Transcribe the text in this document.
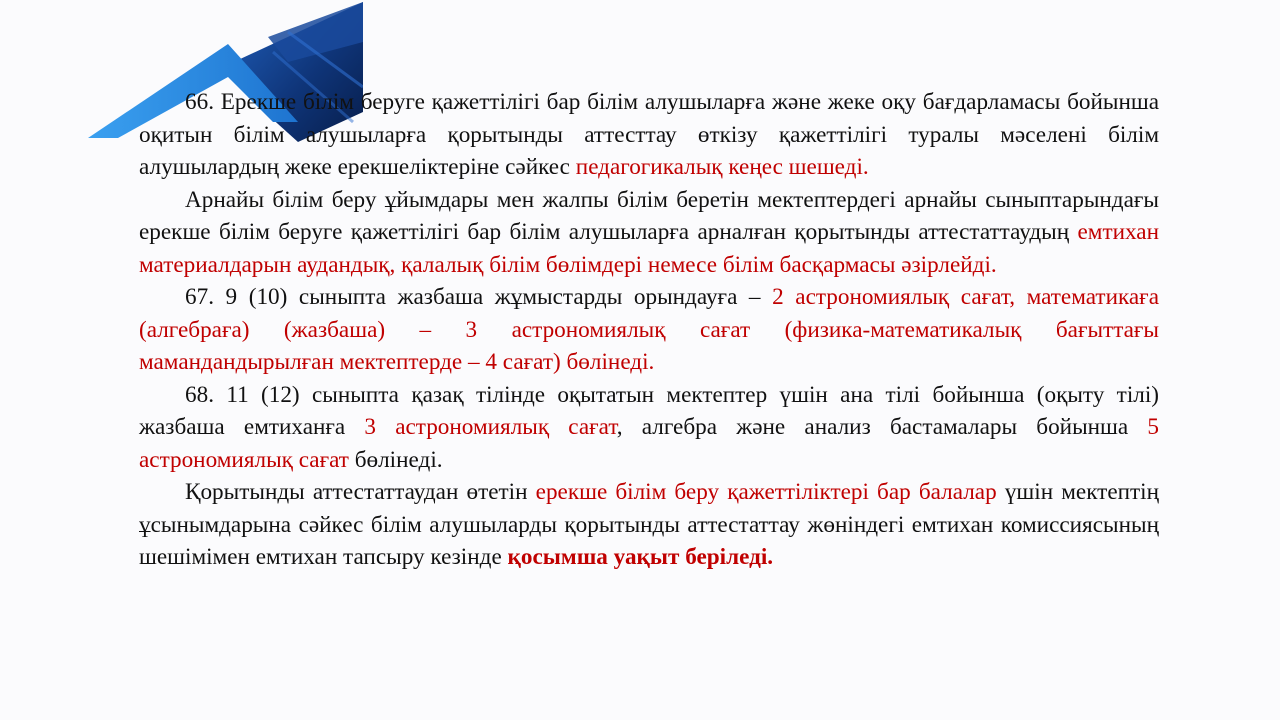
66. Ерекше білім беруге қажеттілігі бар білім алушыларға және жеке оқу бағдарламасы бойынша оқитын білім алушыларға қорытынды аттесттау өткізу қажеттілігі туралы мәселені білім алушылардың жеке ерекшеліктеріне сәйкес педагогикалық кеңес шешеді.

Арнайы білім беру ұйымдары мен жалпы білім беретін мектептердегі арнайы сыныптарындағы ерекше білім беруге қажеттілігі бар білім алушыларға арналған қорытынды аттестаттаудың емтихан материалдарын аудандық, қалалық білім бөлімдері немесе білім басқармасы әзірлейді.

67. 9 (10) сыныпта жазбаша жұмыстарды орындауға – 2 астрономиялық сағат, математикаға (алгебраға) (жазбаша) – 3 астрономиялық сағат (физика-математикалық бағыттағы мамандандырылған мектептерде – 4 сағат) бөлінеді.

68. 11 (12) сыныпта қазақ тілінде оқытатын мектептер үшін ана тілі бойынша (оқыту тілі) жазбаша емтиханға 3 астрономиялық сағат, алгебра және анализ бастамалары бойынша 5 астрономиялық сағат бөлінеді.

Қорытынды аттестаттаудан өтетін ерекше білім беру қажеттіліктері бар балалар үшін мектептің ұсынымдарына сәйкес білім алушыларды қорытынды аттестаттау жөніндегі емтихан комиссиясының шешімімен емтихан тапсыру кезінде қосымша уақыт беріледі.
